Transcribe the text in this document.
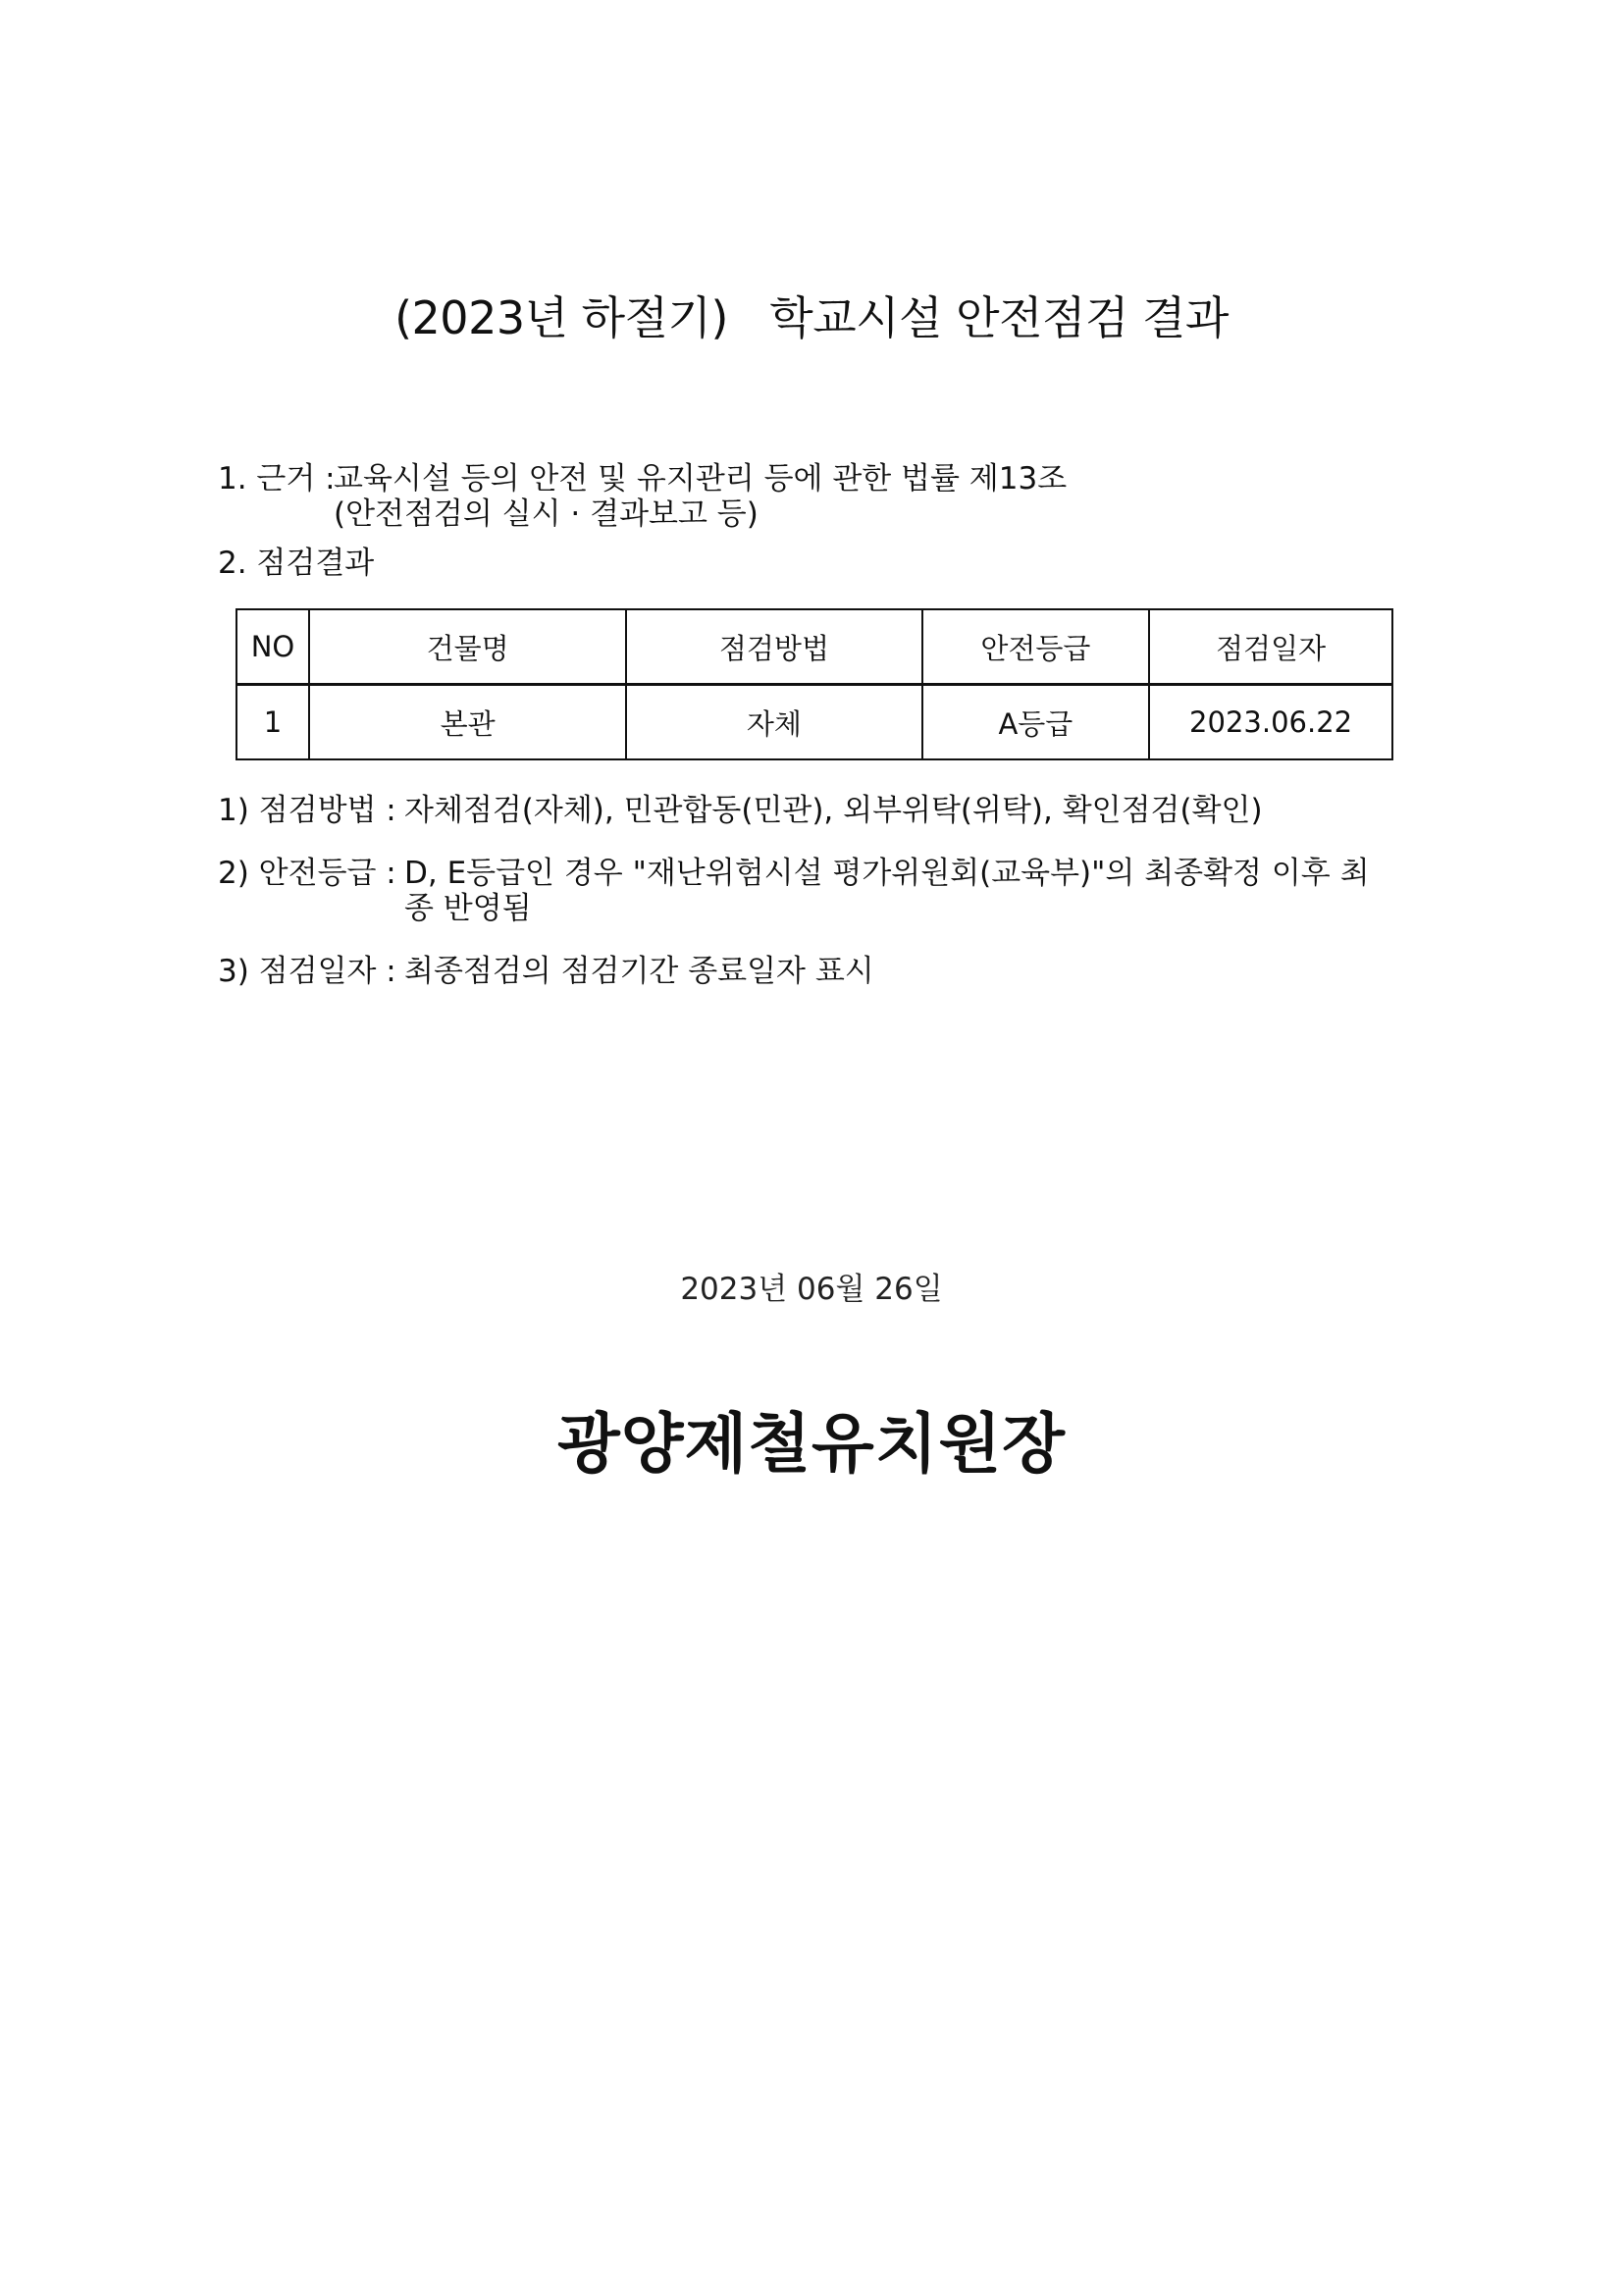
(2023년 하절기)   학교시설 안전점검 결과
1. 근거 :
교육시설 등의 안전 및 유지관리 등에 관한 법률 제13조
(안전점검의 실시 · 결과보고 등)
2. 점검결과
NO	건물명	점검방법	안전등급	점검일자
1	본관	자체	A등급	2023.06.22
1) 점검방법 : 자체점검(자체), 민관합동(민관), 외부위탁(위탁), 확인점검(확인)
2) 안전등급 : D, E등급인 경우 "재난위험시설 평가위원회(교육부)"의 최종확정 이후 최종 반영됨
3) 점검일자 : 최종점검의 점검기간 종료일자 표시
2023년 06월 26일
광양제철유치원장
